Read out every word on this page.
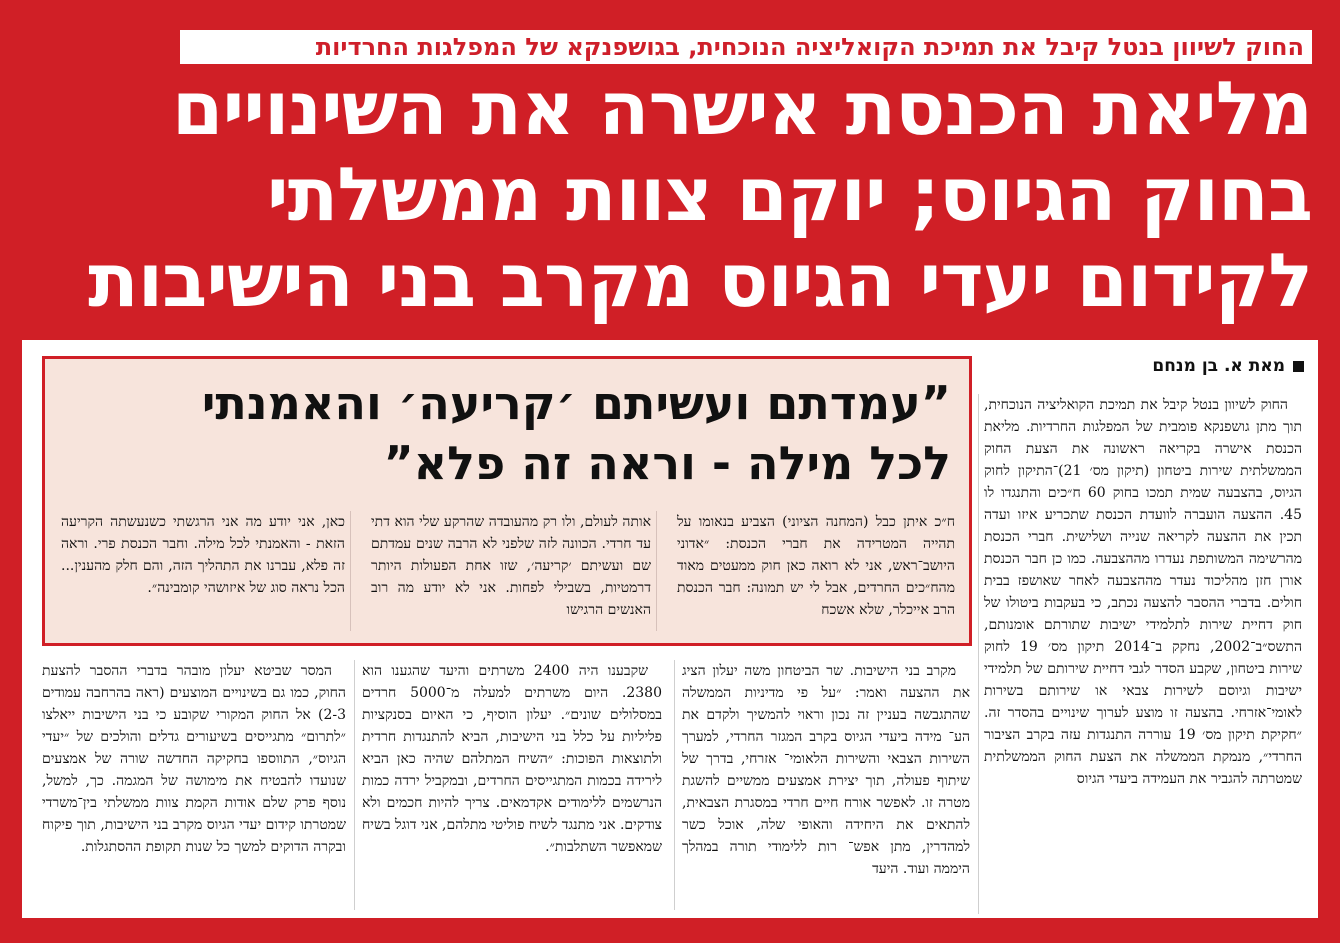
החוק לשיוון בנטל קיבל את תמיכת הקואליציה הנוכחית, בגושפנקא של המפלגות החרדיות
מליאת הכנסת אישרה את השינויים
בחוק הגיוס; יוקם צוות ממשלתי
לקידום יעדי הגיוס מקרב בני הישיבות
מאת א. בן מנחם

החוק לשיוון בנטל קיבל את תמיכת הקואליציה הנוכחית, תוך מתן גושפנקא פומבית של המפלגות החרדיות. מליאת הכנסת אישרה בקריאה ראשונה את הצעת החוק הממשלתית שירות ביטחון (תיקון מס׳ 21)־התיקון לחוק הגיוס, בהצבעה שמית תמכו בחוק 60 ח״כים והתנגדו לו 45. ההצעה הועברה לוועדת הכנסת שתכריע איזו ועדה תכין את ההצעה לקריאה שנייה ושלישית. חברי הכנסת מהרשימה המשותפת נעדרו מההצבעה. כמו כן חבר הכנסת אורן חזן מהליכוד נעדר מההצבעה לאחר שאושפז בבית חולים. בדברי ההסבר להצעה נכתב, כי בעקבות ביטולו של חוק דחיית שירות לתלמידי ישיבות שתורתם אומנותם, התשס״ב־2002, נחקק ב־2014 תיקון מס׳ 19 לחוק שירות ביטחון, שקבע הסדר לגבי דחיית שירותם של תלמידי ישיבות וגיוסם לשירות צבאי או שירותם בשירות לאומי־אזרחי. בהצעה זו מוצע לערוך שינויים בהסדר זה. ״חקיקת תיקון מס׳ 19 עוררה התנגדות עזה בקרב הציבור החרדי״, מנמקת הממשלה את הצעת החוק הממשלתית שמטרתה להגביר את העמידה ביעדי הגיוס

”עמדתם ועשיתם ׳קריעה׳ והאמנתי
לכל מילה - וראה זה פלא”
ח״כ איתן כבל (המחנה הציוני) הצביע בנאומו על תהייה המטרידה את חברי הכנסת: ״אדוני היושב־ראש, אני לא רואה כאן חוק ממעטים מאוד מהח״כים החרדים, אבל לי יש תמונה: חבר הכנסת הרב אייכלר, שלא אשכח
אותה לעולם, ולו רק מהעובדה שהרקע שלי הוא דתי עד חרדי. הכוונה לזה שלפני לא הרבה שנים עמדתם שם ועשיתם ׳קריעה׳, שזו אחת הפעולות היותר דרמטיות, בשבילי לפחות. אני לא יודע מה רוב האנשים הרגישו
כאן, אני יודע מה אני הרגשתי כשנעשתה הקריעה הזאת - והאמנתי לכל מילה. וחבר הכנסת פרי. וראה זה פלא, עברנו את התהליך הזה, והם חלק מהענין... הכל נראה סוג של איזושהי קומבינה״.

מקרב בני הישיבות. שר הביטחון משה יעלון הציג את ההצעה ואמר: ״על פי מדיניות הממשלה שהתגבשה בעניין זה נכון וראוי להמשיך ולקדם את הע־ מידה ביעדי הגיוס בקרב המגזר החרדי, למערך השירות הצבאי והשירות הלאומי־ אזרחי, בדרך של שיתוף פעולה, תוך יצירת אמצעים ממשיים להשגת מטרה זו. לאפשר אורח חיים חרדי במסגרת הצבאית, להתאים את היחידה והאופי שלה, אוכל כשר למהדרין, מתן אפש־ רות ללימודי תורה במהלך היממה ועוד. היעד

שקבענו היה 2400 משרתים והיעד שהגענו הוא 2380. היום משרתים למעלה מ־5000 חרדים במסלולים שונים״. יעלון הוסיף, כי האיום בסנקציות פליליות על כלל בני הישיבות, הביא להתנגדות חרדית ולתוצאות הפוכות: ״השיח המתלהם שהיה כאן הביא לירידה בכמות המתגייסים החרדים, ובמקביל ירדה כמות הנרשמים ללימודים אקדמאים. צריך להיות חכמים ולא צודקים. אני מתנגד לשיח פוליטי מתלהם, אני דוגל בשיח שמאפשר השתלבות״.

המסר שביטא יעלון מובהר בדברי ההסבר להצעת החוק, כמו גם בשינויים המוצעים (ראה בהרחבה עמודים 2-3) אל החוק המקורי שקובע כי בני הישיבות ייאלצו ״לתרום״ מתגייסים בשיעורים גדלים והולכים של ״יעדי הגיוס״, התווספו בחקיקה החדשה שורה של אמצעים שנועדו להבטיח את מימושה של המגמה. כך, למשל, נוסף פרק שלם אודות הקמת צוות ממשלתי בין־משרדי שמטרתו קידום יעדי הגיוס מקרב בני הישיבות, תוך פיקוח ובקרה הדוקים למשך כל שנות תקופת ההסתגלות.
